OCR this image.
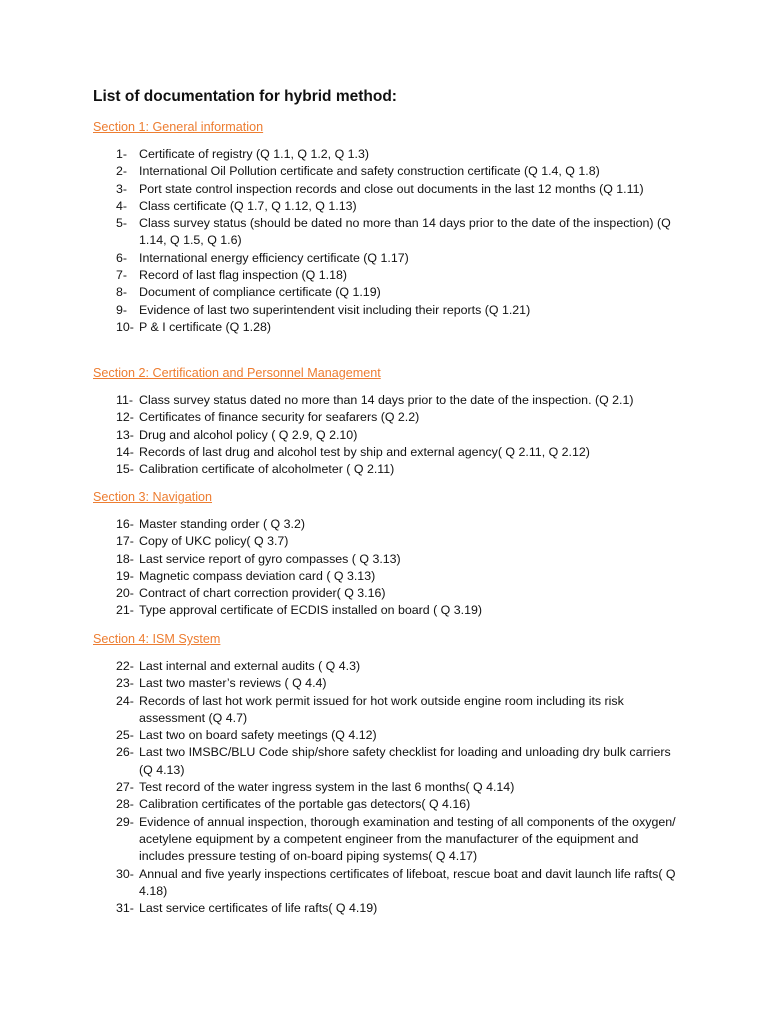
List of documentation for hybrid method:
Section 1: General information
1- Certificate of registry (Q 1.1, Q 1.2, Q 1.3)
2- International Oil Pollution certificate and safety construction certificate (Q 1.4, Q 1.8)
3- Port state control inspection records and close out documents in the last 12 months (Q 1.11)
4- Class certificate (Q 1.7, Q 1.12, Q 1.13)
5- Class survey status (should be dated no more than 14 days prior to the date of the inspection) (Q 1.14, Q 1.5, Q 1.6)
6- International energy efficiency certificate (Q 1.17)
7- Record of last flag inspection (Q 1.18)
8- Document of compliance certificate (Q 1.19)
9- Evidence of last two superintendent visit including their reports (Q 1.21)
10- P & I certificate (Q 1.28)
Section 2: Certification and Personnel Management
11- Class survey status dated no more than 14 days prior to the date of the inspection. (Q 2.1)
12- Certificates of finance security for seafarers (Q 2.2)
13- Drug and alcohol policy ( Q 2.9, Q 2.10)
14- Records of last drug and alcohol test by ship and external agency( Q 2.11, Q 2.12)
15- Calibration certificate of alcoholmeter ( Q 2.11)
Section 3: Navigation
16- Master standing order ( Q 3.2)
17- Copy of UKC policy( Q 3.7)
18- Last service report of gyro compasses ( Q 3.13)
19- Magnetic compass deviation card ( Q 3.13)
20- Contract of chart correction provider( Q 3.16)
21- Type approval certificate of ECDIS installed on board ( Q 3.19)
Section 4: ISM System
22- Last internal and external audits ( Q 4.3)
23- Last two master’s reviews ( Q 4.4)
24- Records of last hot work permit issued for hot work outside engine room including its risk assessment (Q 4.7)
25- Last two on board safety meetings (Q 4.12)
26- Last two IMSBC/BLU Code ship/shore safety checklist for loading and unloading dry bulk carriers (Q 4.13)
27- Test record of the water ingress system in the last 6 months( Q 4.14)
28- Calibration certificates of the portable gas detectors( Q 4.16)
29- Evidence of annual inspection, thorough examination and testing of all components of the oxygen/ acetylene equipment by a competent engineer from the manufacturer of the equipment and includes pressure testing of on-board piping systems( Q 4.17)
30- Annual and five yearly inspections certificates of lifeboat, rescue boat and davit launch life rafts( Q 4.18)
31- Last service certificates of life rafts( Q 4.19)
